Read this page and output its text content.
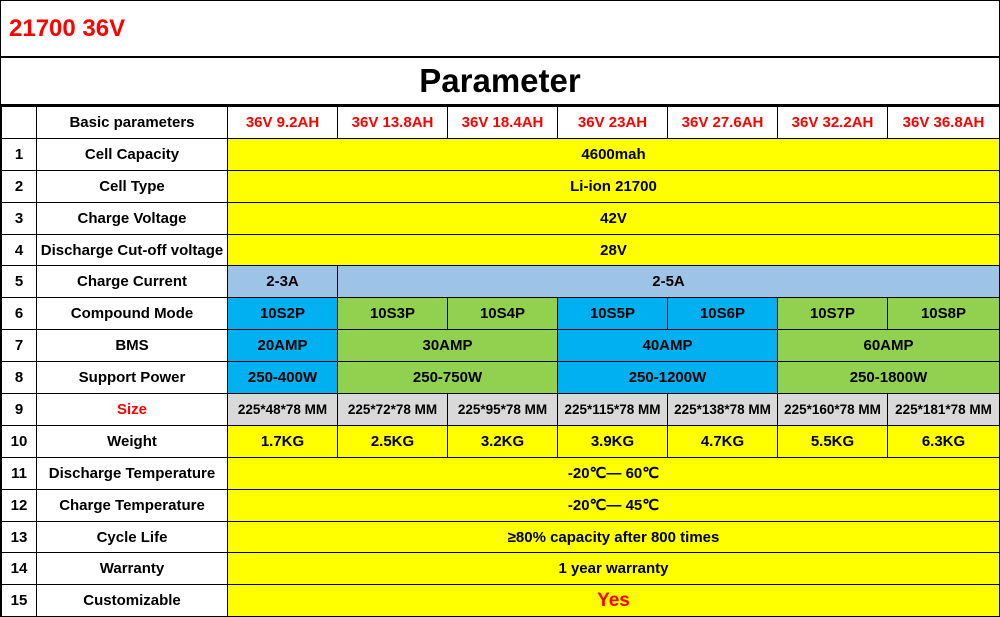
21700 36V
Parameter
	Basic parameters	36V 9.2AH	36V 13.8AH	36V 18.4AH	36V 23AH	36V 27.6AH	36V 32.2AH	36V 36.8AH
1	Cell Capacity	4600mah						
2	Cell Type	Li-ion 21700						
3	Charge Voltage	42V						
4	Discharge Cut-off voltage	28V						
5	Charge Current	2-3A	2-5A					
6	Compound Mode	10S2P	10S3P	10S4P	10S5P	10S6P	10S7P	10S8P
7	BMS	20AMP	30AMP		40AMP		60AMP	
8	Support Power	250-400W	250-750W		250-1200W		250-1800W	
9	Size	225*48*78 MM	225*72*78 MM	225*95*78 MM	225*115*78 MM	225*138*78 MM	225*160*78 MM	225*181*78 MM
10	Weight	1.7KG	2.5KG	3.2KG	3.9KG	4.7KG	5.5KG	6.3KG
11	Discharge Temperature	-20℃— 60℃						
12	Charge Temperature	-20℃— 45℃						
13	Cycle Life	≥80% capacity after 800 times						
14	Warranty	1 year warranty						
15	Customizable	Yes						
